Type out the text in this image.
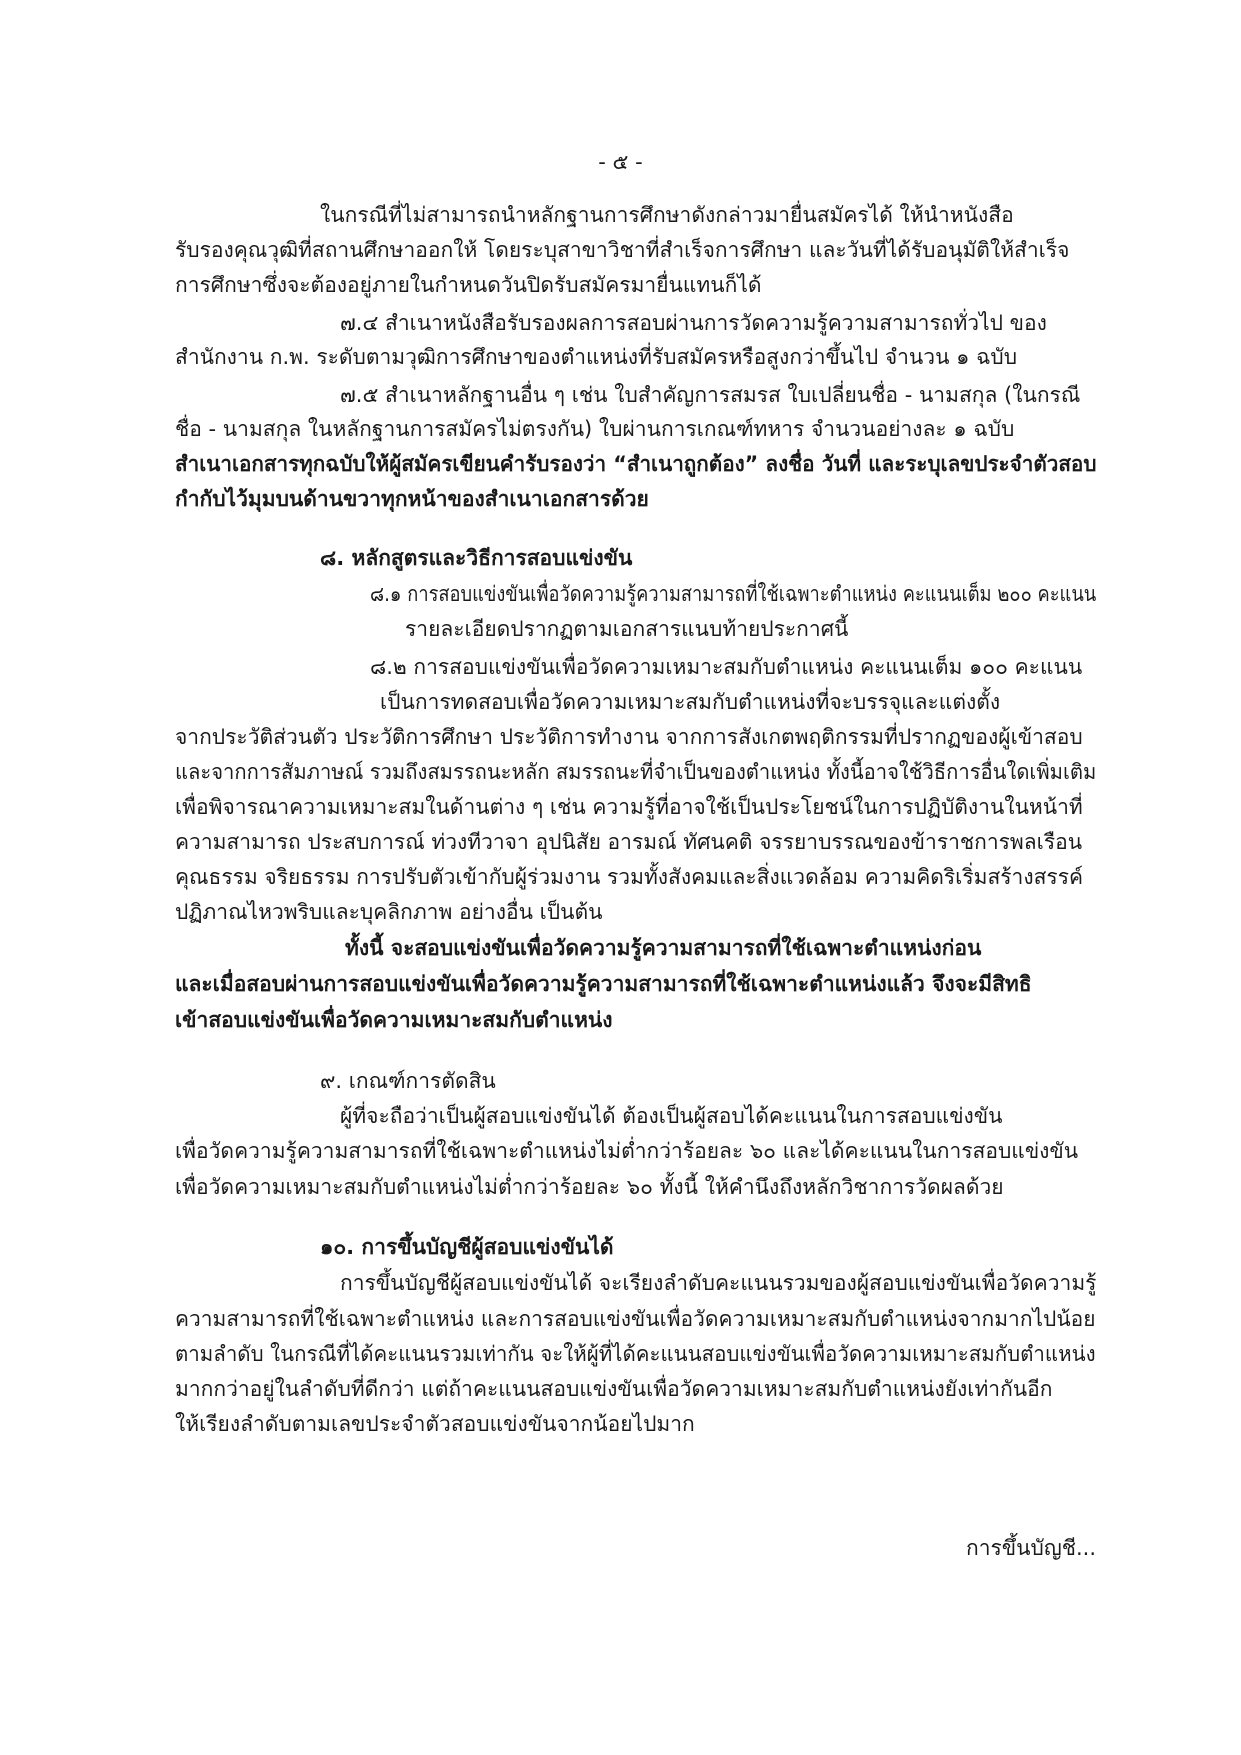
- ๕ -
ในกรณีที่ไม่สามารถนำหลักฐานการศึกษาดังกล่าวมายื่นสมัครได้ ให้นำหนังสือ
รับรองคุณวุฒิที่สถานศึกษาออกให้ โดยระบุสาขาวิชาที่สำเร็จการศึกษา และวันที่ได้รับอนุมัติให้สำเร็จ
การศึกษาซึ่งจะต้องอยู่ภายในกำหนดวันปิดรับสมัครมายื่นแทนก็ได้
๗.๔ สำเนาหนังสือรับรองผลการสอบผ่านการวัดความรู้ความสามารถทั่วไป ของ
สำนักงาน ก.พ. ระดับตามวุฒิการศึกษาของตำแหน่งที่รับสมัครหรือสูงกว่าขึ้นไป จำนวน ๑ ฉบับ
๗.๕ สำเนาหลักฐานอื่น ๆ เช่น ใบสำคัญการสมรส ใบเปลี่ยนชื่อ - นามสกุล (ในกรณี
ชื่อ - นามสกุล ในหลักฐานการสมัครไม่ตรงกัน) ใบผ่านการเกณฑ์ทหาร จำนวนอย่างละ ๑ ฉบับ
สำเนาเอกสารทุกฉบับให้ผู้สมัครเขียนคำรับรองว่า “สำเนาถูกต้อง” ลงชื่อ วันที่ และระบุเลขประจำตัวสอบ
กำกับไว้มุมบนด้านขวาทุกหน้าของสำเนาเอกสารด้วย
๘. หลักสูตรและวิธีการสอบแข่งขัน
๘.๑ การสอบแข่งขันเพื่อวัดความรู้ความสามารถที่ใช้เฉพาะตำแหน่ง คะแนนเต็ม ๒๐๐ คะแนน
รายละเอียดปรากฏตามเอกสารแนบท้ายประกาศนี้
๘.๒ การสอบแข่งขันเพื่อวัดความเหมาะสมกับตำแหน่ง คะแนนเต็ม ๑๐๐ คะแนน
เป็นการทดสอบเพื่อวัดความเหมาะสมกับตำแหน่งที่จะบรรจุและแต่งตั้ง
จากประวัติส่วนตัว ประวัติการศึกษา ประวัติการทำงาน จากการสังเกตพฤติกรรมที่ปรากฏของผู้เข้าสอบ
และจากการสัมภาษณ์ รวมถึงสมรรถนะหลัก สมรรถนะที่จำเป็นของตำแหน่ง ทั้งนี้อาจใช้วิธีการอื่นใดเพิ่มเติม
เพื่อพิจารณาความเหมาะสมในด้านต่าง ๆ เช่น ความรู้ที่อาจใช้เป็นประโยชน์ในการปฏิบัติงานในหน้าที่
ความสามารถ ประสบการณ์ ท่วงทีวาจา อุปนิสัย อารมณ์ ทัศนคติ จรรยาบรรณของข้าราชการพลเรือน
คุณธรรม จริยธรรม การปรับตัวเข้ากับผู้ร่วมงาน รวมทั้งสังคมและสิ่งแวดล้อม ความคิดริเริ่มสร้างสรรค์
ปฏิภาณไหวพริบและบุคลิกภาพ อย่างอื่น เป็นต้น
ทั้งนี้ จะสอบแข่งขันเพื่อวัดความรู้ความสามารถที่ใช้เฉพาะตำแหน่งก่อน
และเมื่อสอบผ่านการสอบแข่งขันเพื่อวัดความรู้ความสามารถที่ใช้เฉพาะตำแหน่งแล้ว จึงจะมีสิทธิ
เข้าสอบแข่งขันเพื่อวัดความเหมาะสมกับตำแหน่ง
๙. เกณฑ์การตัดสิน
ผู้ที่จะถือว่าเป็นผู้สอบแข่งขันได้ ต้องเป็นผู้สอบได้คะแนนในการสอบแข่งขัน
เพื่อวัดความรู้ความสามารถที่ใช้เฉพาะตำแหน่งไม่ต่ำกว่าร้อยละ ๖๐ และได้คะแนนในการสอบแข่งขัน
เพื่อวัดความเหมาะสมกับตำแหน่งไม่ต่ำกว่าร้อยละ ๖๐ ทั้งนี้ ให้คำนึงถึงหลักวิชาการวัดผลด้วย
๑๐. การขึ้นบัญชีผู้สอบแข่งขันได้
การขึ้นบัญชีผู้สอบแข่งขันได้ จะเรียงลำดับคะแนนรวมของผู้สอบแข่งขันเพื่อวัดความรู้
ความสามารถที่ใช้เฉพาะตำแหน่ง และการสอบแข่งขันเพื่อวัดความเหมาะสมกับตำแหน่งจากมากไปน้อย
ตามลำดับ ในกรณีที่ได้คะแนนรวมเท่ากัน จะให้ผู้ที่ได้คะแนนสอบแข่งขันเพื่อวัดความเหมาะสมกับตำแหน่ง
มากกว่าอยู่ในลำดับที่ดีกว่า แต่ถ้าคะแนนสอบแข่งขันเพื่อวัดความเหมาะสมกับตำแหน่งยังเท่ากันอีก
ให้เรียงลำดับตามเลขประจำตัวสอบแข่งขันจากน้อยไปมาก
การขึ้นบัญชี...
